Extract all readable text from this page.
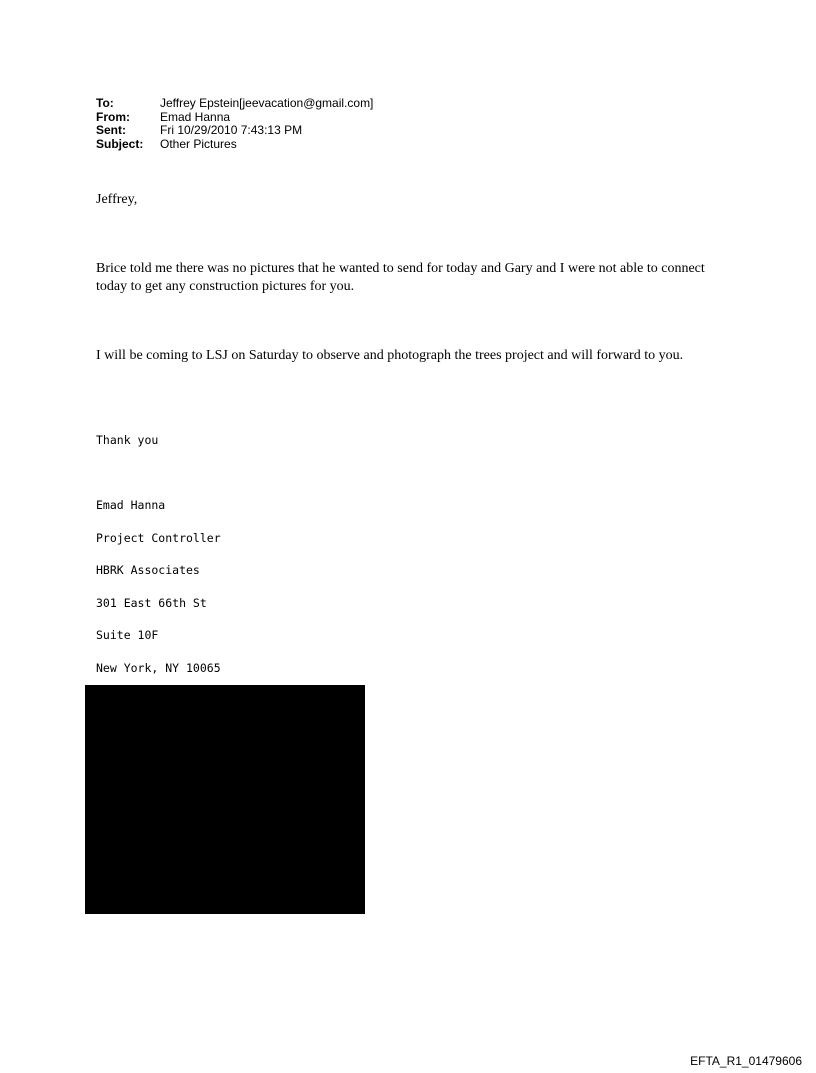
To:	Jeffrey Epstein[jeevacation@gmail.com]
From:	Emad Hanna
Sent:	Fri 10/29/2010 7:43:13 PM
Subject:	Other Pictures
Jeffrey,
Brice told me there was no pictures that he wanted to send for today and Gary and I were not able to connect today to get any construction pictures for you.
I will be coming to LSJ on Saturday to observe and photograph the trees project and will forward to you.
Thank you
Emad Hanna
Project Controller
HBRK Associates
301 East 66th St
Suite 10F
New York, NY 10065
EFTA_R1_01479606
